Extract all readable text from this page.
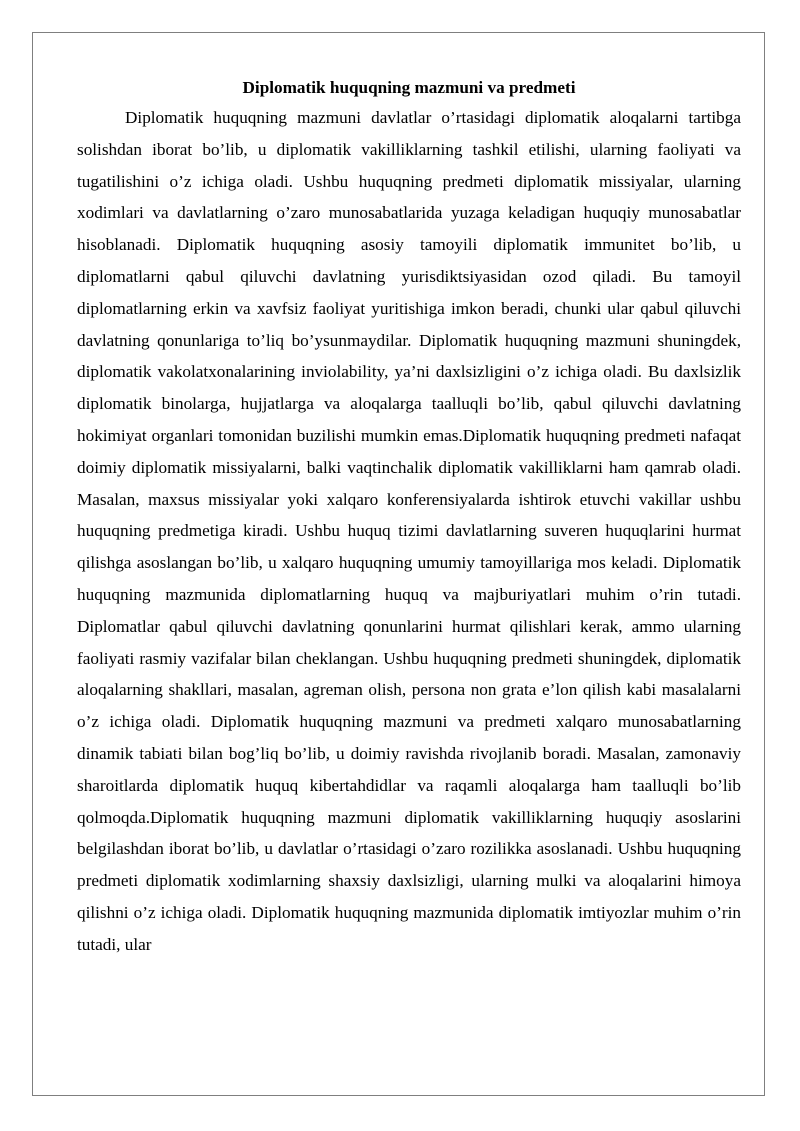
Diplomatik huquqning mazmuni va predmeti

Diplomatik huquqning mazmuni davlatlar o’rtasidagi diplomatik aloqalarni tartibga solishdan iborat bo’lib, u diplomatik vakilliklarning tashkil etilishi, ularning faoliyati va tugatilishini o’z ichiga oladi. Ushbu huquqning predmeti diplomatik missiyalar, ularning xodimlari va davlatlarning o’zaro munosabatlarida yuzaga keladigan huquqiy munosabatlar hisoblanadi. Diplomatik huquqning asosiy tamoyili diplomatik immunitet bo’lib, u diplomatlarni qabul qiluvchi davlatning yurisdiktsiyasidan ozod qiladi. Bu tamoyil diplomatlarning erkin va xavfsiz faoliyat yuritishiga imkon beradi, chunki ular qabul qiluvchi davlatning qonunlariga to’liq bo’ysunmaydilar. Diplomatik huquqning mazmuni shuningdek, diplomatik vakolatxonalarining inviolability, ya’ni daxlsizligini o’z ichiga oladi. Bu daxlsizlik diplomatik binolarga, hujjatlarga va aloqalarga taalluqli bo’lib, qabul qiluvchi davlatning hokimiyat organlari tomonidan buzilishi mumkin emas.Diplomatik huquqning predmeti nafaqat doimiy diplomatik missiyalarni, balki vaqtinchalik diplomatik vakilliklarni ham qamrab oladi. Masalan, maxsus missiyalar yoki xalqaro konferensiyalarda ishtirok etuvchi vakillar ushbu huquqning predmetiga kiradi. Ushbu huquq tizimi davlatlarning suveren huquqlarini hurmat qilishga asoslangan bo’lib, u xalqaro huquqning umumiy tamoyillariga mos keladi. Diplomatik huquqning mazmunida diplomatlarning huquq va majburiyatlari muhim o’rin tutadi. Diplomatlar qabul qiluvchi davlatning qonunlarini hurmat qilishlari kerak, ammo ularning faoliyati rasmiy vazifalar bilan cheklangan. Ushbu huquqning predmeti shuningdek, diplomatik aloqalarning shakllari, masalan, agreman olish, persona non grata e’lon qilish kabi masalalarni o’z ichiga oladi. Diplomatik huquqning mazmuni va predmeti xalqaro munosabatlarning dinamik tabiati bilan bog’liq bo’lib, u doimiy ravishda rivojlanib boradi. Masalan, zamonaviy sharoitlarda diplomatik huquq kibertahdidlar va raqamli aloqalarga ham taalluqli bo’lib qolmoqda.Diplomatik huquqning mazmuni diplomatik vakilliklarning huquqiy asoslarini belgilashdan iborat bo’lib, u davlatlar o’rtasidagi o’zaro rozilikka asoslanadi. Ushbu huquqning predmeti diplomatik xodimlarning shaxsiy daxlsizligi, ularning mulki va aloqalarini himoya qilishni o’z ichiga oladi. Diplomatik huquqning mazmunida diplomatik imtiyozlar muhim o’rin tutadi, ular
